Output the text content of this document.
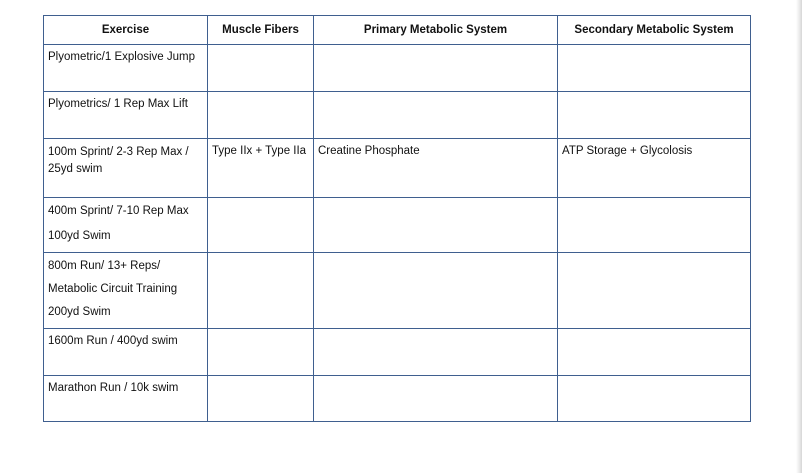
Exercise	Muscle Fibers	Primary Metabolic System	Secondary Metabolic System

Plyometric/1 Explosive Jump			

Plyometrics/ 1 Rep Max Lift			

100m Sprint/ 2-3 Rep Max /
25yd swim	Type IIx + Type IIa	Creatine Phosphate	ATP Storage + Glycolosis

400m Sprint/ 7-10 Rep Max
100yd Swim			

800m Run/ 13+ Reps/
Metabolic Circuit Training
200yd Swim			

1600m Run / 400yd swim			

Marathon Run / 10k swim			
